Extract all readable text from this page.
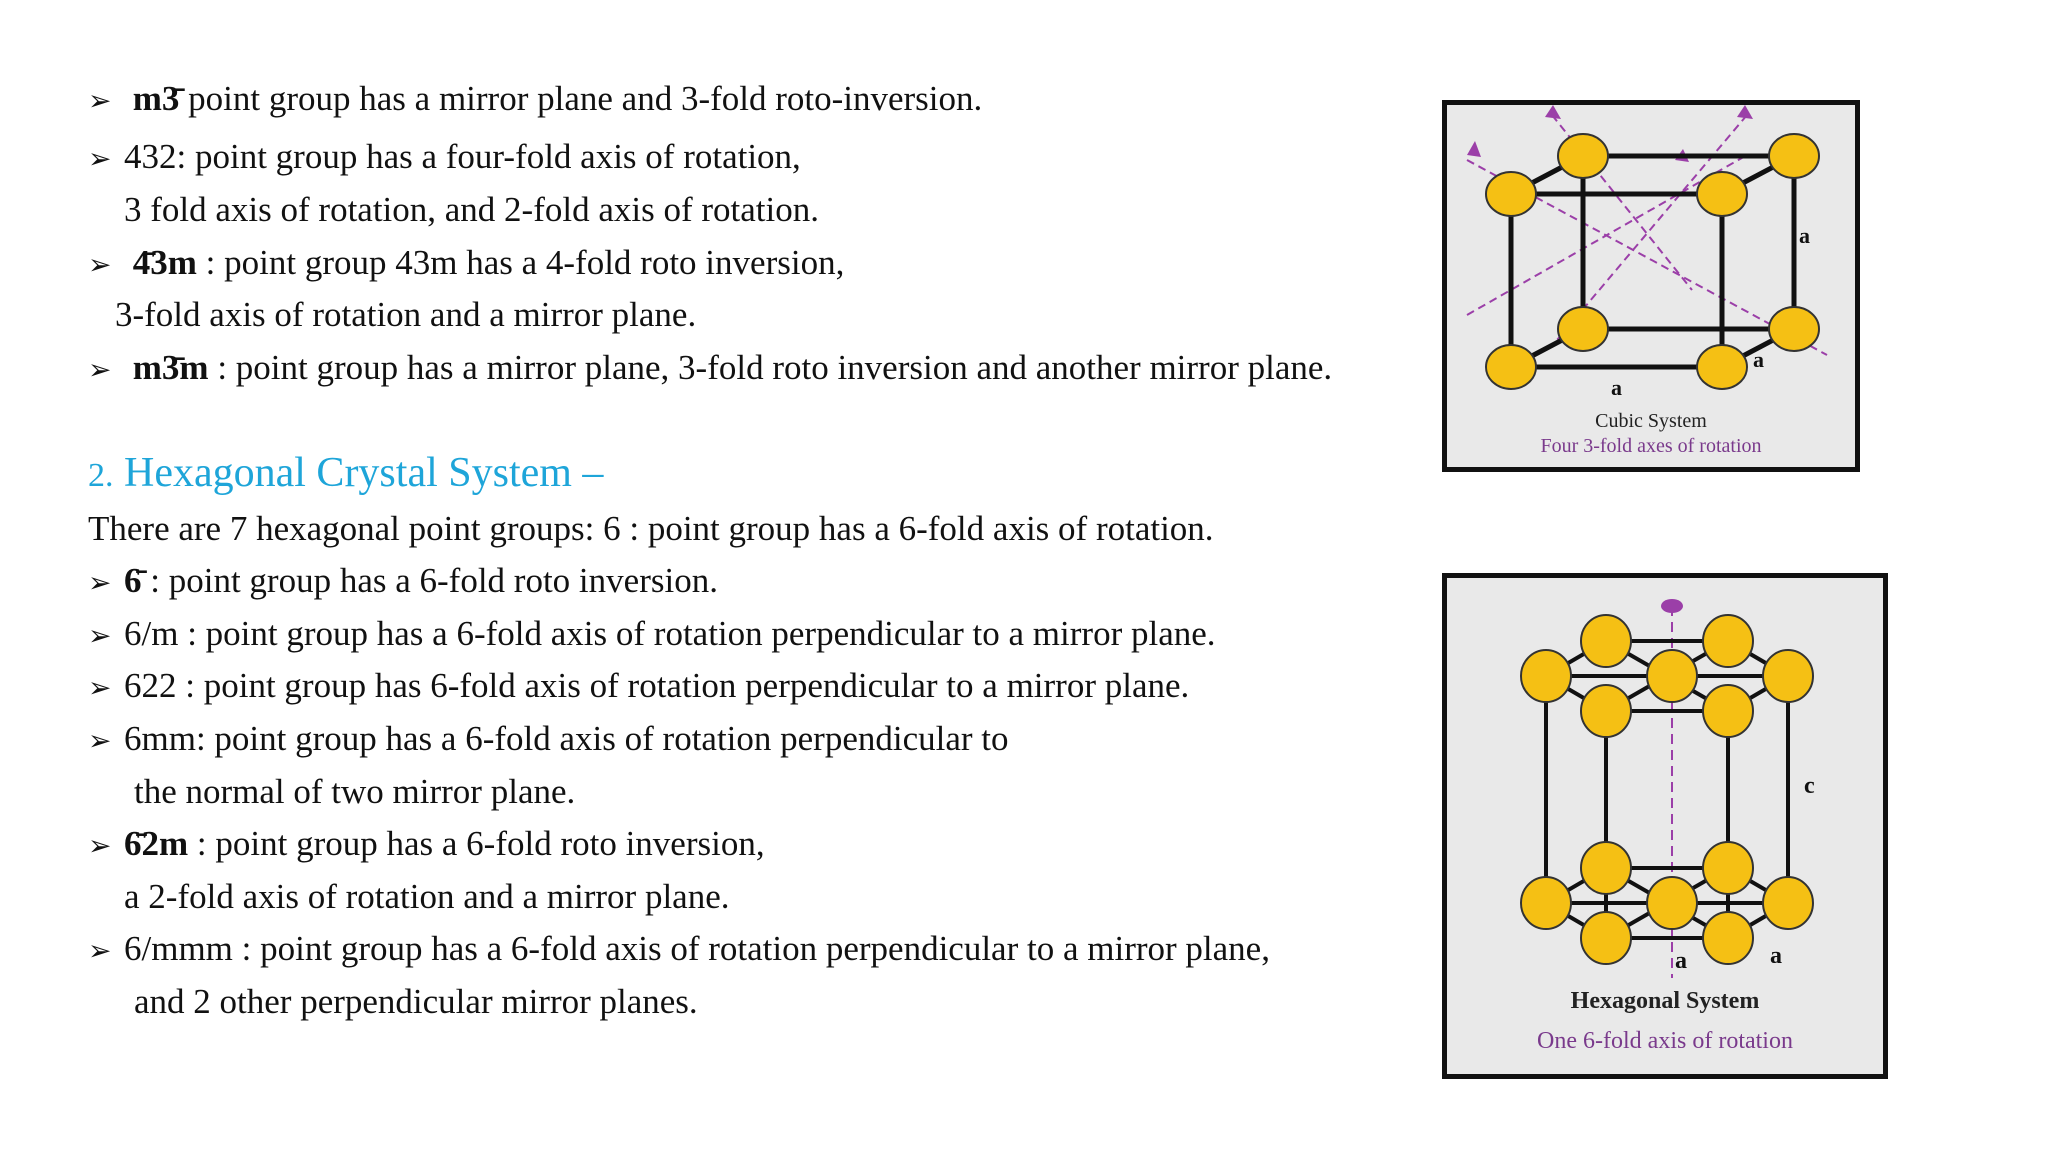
➢ m3̄ point group has a mirror plane and 3-fold roto-inversion.
➢ 432: point group has a four-fold axis of rotation,
3 fold axis of rotation, and 2-fold axis of rotation.
➢ 4̄3m : point group 43m has a 4-fold roto inversion,
3-fold axis of rotation and a mirror plane.
➢ m3̄m : point group has a mirror plane, 3-fold roto inversion and another mirror plane.
2. Hexagonal Crystal System –
There are 7 hexagonal point groups: 6 : point group has a 6-fold axis of rotation.
➢ 6̄ : point group has a 6-fold roto inversion.
➢ 6/m : point group has a 6-fold axis of rotation perpendicular to a mirror plane.
➢ 622 : point group has 6-fold axis of rotation perpendicular to a mirror plane.
➢ 6mm: point group has a 6-fold axis of rotation perpendicular to
the normal of two mirror plane.
➢ 6̄2m : point group has a 6-fold roto inversion,
a 2-fold axis of rotation and a mirror plane.
➢ 6/mmm : point group has a 6-fold axis of rotation perpendicular to a mirror plane,
and 2 other perpendicular mirror planes.
a
a
a
Cubic System
Four 3-fold axes of rotation
c
a	a
Hexagonal System
One 6-fold axis of rotation
